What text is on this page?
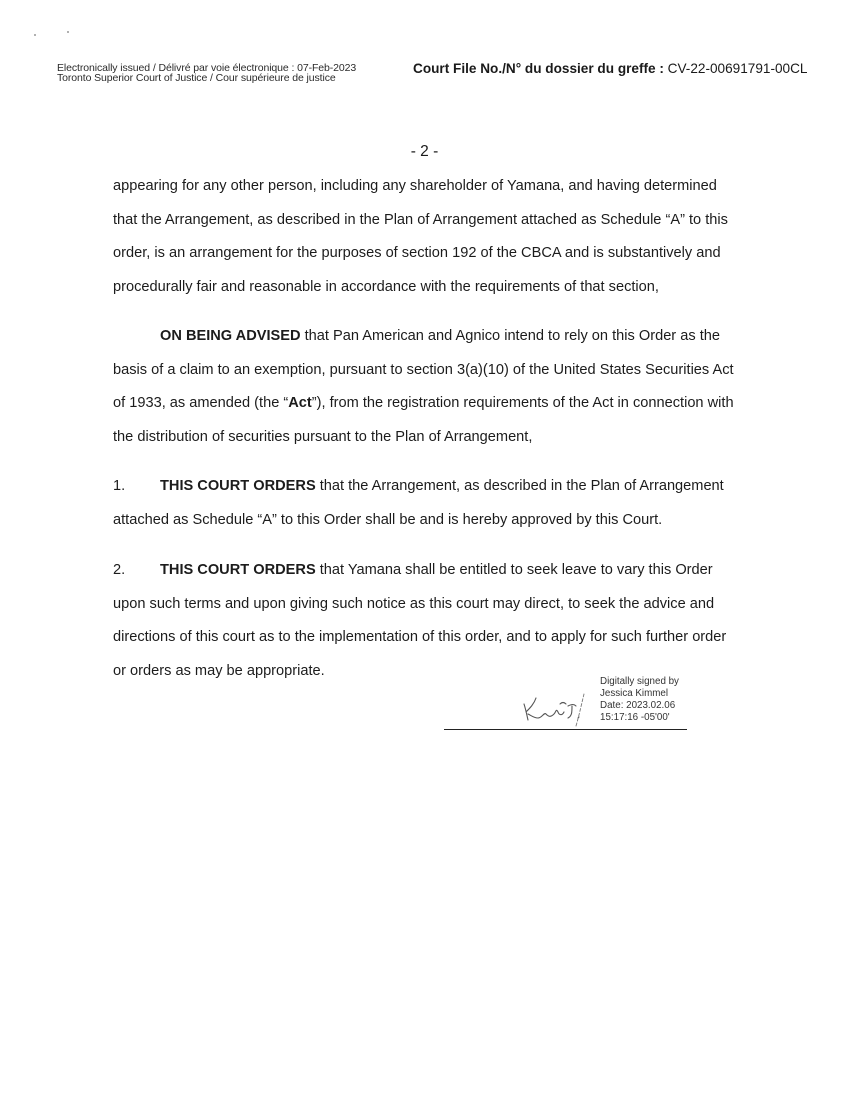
Electronically issued / Délivré par voie électronique : 07-Feb-2023
Toronto Superior Court of Justice / Cour supérieure de justice
Court File No./N° du dossier du greffe : CV-22-00691791-00CL
- 2 -

appearing for any other person, including any shareholder of Yamana, and having determined that the Arrangement, as described in the Plan of Arrangement attached as Schedule “A” to this order, is an arrangement for the purposes of section 192 of the CBCA and is substantively and procedurally fair and reasonable in accordance with the requirements of that section,

ON BEING ADVISED that Pan American and Agnico intend to rely on this Order as the basis of a claim to an exemption, pursuant to section 3(a)(10) of the United States Securities Act of 1933, as amended (the “Act”), from the registration requirements of the Act in connection with the distribution of securities pursuant to the Plan of Arrangement,

1. THIS COURT ORDERS that the Arrangement, as described in the Plan of Arrangement attached as Schedule “A” to this Order shall be and is hereby approved by this Court.

2. THIS COURT ORDERS that Yamana shall be entitled to seek leave to vary this Order upon such terms and upon giving such notice as this court may direct, to seek the advice and directions of this court as to the implementation of this order, and to apply for such further order or orders as may be appropriate.

Digitally signed by
Jessica Kimmel
Date: 2023.02.06
15:17:16 -05'00'
